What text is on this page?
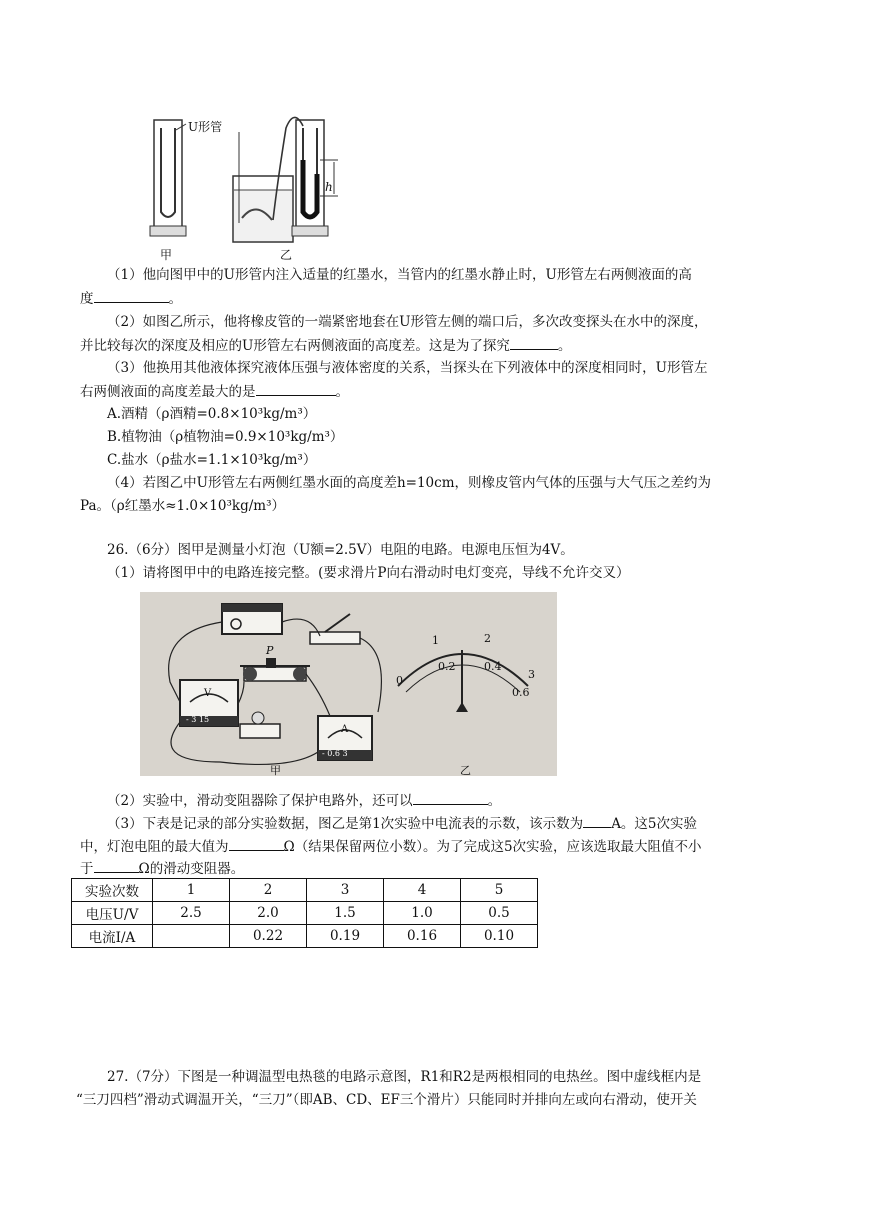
U形管
h
甲	乙
（1）他向图甲中的U形管内注入适量的红墨水，当管内的红墨水静止时，U形管左右两侧液面的高
度	。
（2）如图乙所示，他将橡皮管的一端紧密地套在U形管左侧的端口后，多次改变探头在水中的深度，
并比较每次的深度及相应的U形管左右两侧液面的高度差。这是为了探究	。
（3）他换用其他液体探究液体压强与液体密度的关系，当探头在下列液体中的深度相同时，U形管左
右两侧液面的高度差最大的是	。
A.酒精（ρ酒精=0.8×10³kg/m³）
B.植物油（ρ植物油=0.9×10³kg/m³）
C.盐水（ρ盐水=1.1×10³kg/m³）
（4）若图乙中U形管左右两侧红墨水面的高度差h=10cm，则橡皮管内气体的压强与大气压之差约为
Pa。（ρ红墨水≈1.0×10³kg/m³）
26.（6分）图甲是测量小灯泡（U额=2.5V）电阻的电路。电源电压恒为4V。
（1）请将图甲中的电路连接完整。(要求滑片P向右滑动时电灯变亮，导线不允许交叉）
P
V
A
- 3 15
- 0.6 3
0
0.2	0.4
0.6
1	2
3
甲	乙
（2）实验中，滑动变阻器除了保护电路外，还可以	。
（3）下表是记录的部分实验数据，图乙是第1次实验中电流表的示数，该示数为 A。这5次实验
中，灯泡电阻的最大值为	Ω（结果保留两位小数）。为了完成这5次实验，应该选取最大阻值不小
于	Ω的滑动变阻器。
实验次数	1	2	3	4	5
电压U/V	2.5	2.0	1.5	1.0	0.5
电流I/A		0.22	0.19	0.16	0.10
27.（7分）下图是一种调温型电热毯的电路示意图，R1和R2是两根相同的电热丝。图中虚线框内是
“三刀四档”滑动式调温开关，“三刀”（即AB、CD、EF三个滑片）只能同时并排向左或向右滑动，使开关
